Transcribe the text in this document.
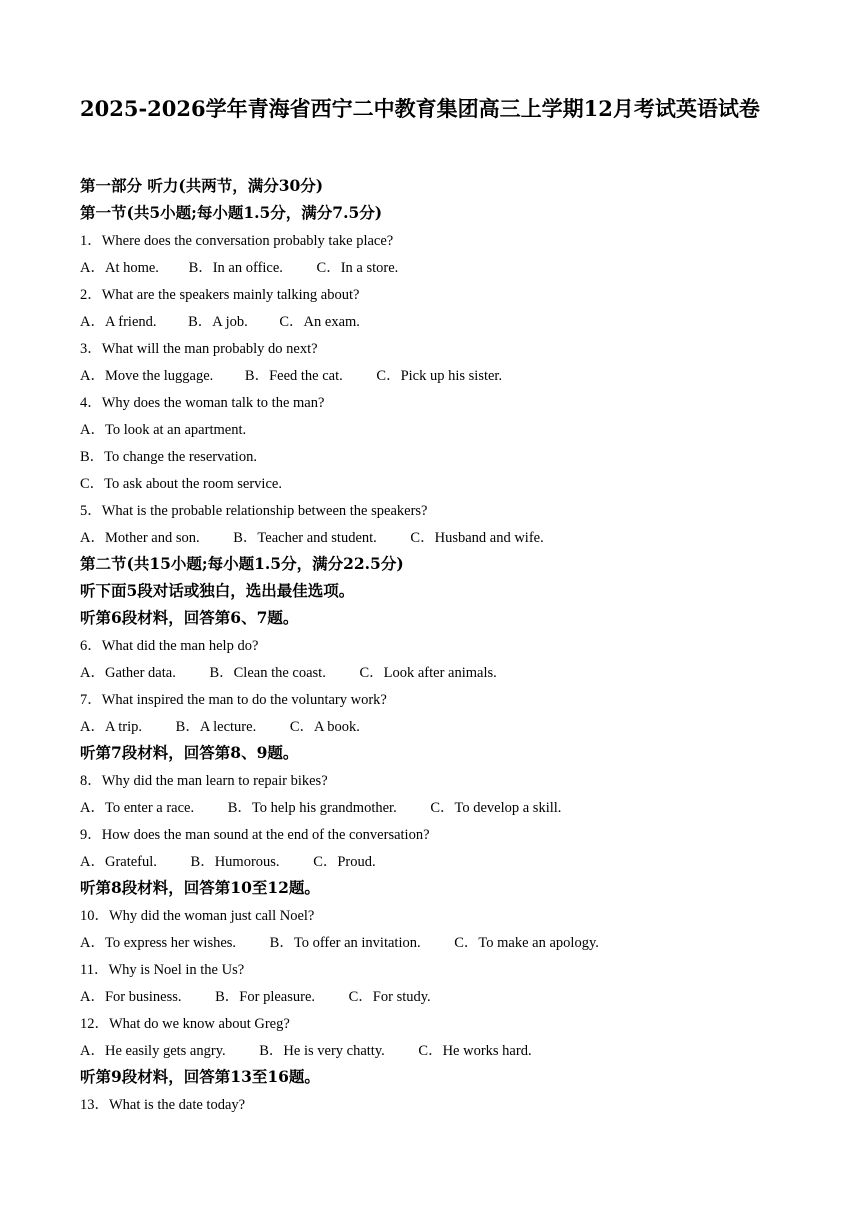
2025-2026学年青海省西宁二中教育集团高三上学期12月考试英语试卷
第一部分 听力(共两节，满分30分)
第一节(共5小题;每小题1.5分，满分7.5分)
1．Where does the conversation probably take place?
A．At home. B．In an office. C．In a store.
2．What are the speakers mainly talking about?
A．A friend. B．A job. C．An exam.
3．What will the man probably do next?
A．Move the luggage. B．Feed the cat. C．Pick up his sister.
4．Why does the woman talk to the man?
A．To look at an apartment.
B．To change the reservation.
C．To ask about the room service.
5．What is the probable relationship between the speakers?
A．Mother and son. B．Teacher and student. C．Husband and wife.
第二节(共15小题;每小题1.5分，满分22.5分)
听下面5段对话或独白，选出最佳选项。
听第6段材料，回答第6、7题。
6．What did the man help do?
A．Gather data. B．Clean the coast. C．Look after animals.
7．What inspired the man to do the voluntary work?
A．A trip. B．A lecture. C．A book.
听第7段材料，回答第8、9题。
8．Why did the man learn to repair bikes?
A．To enter a race. B．To help his grandmother. C．To develop a skill.
9．How does the man sound at the end of the conversation?
A．Grateful. B．Humorous. C．Proud.
听第8段材料，回答第10至12题。
10．Why did the woman just call Noel?
A．To express her wishes. B．To offer an invitation. C．To make an apology.
11．Why is Noel in the Us?
A．For business. B．For pleasure. C．For study.
12．What do we know about Greg?
A．He easily gets angry. B．He is very chatty. C．He works hard.
听第9段材料，回答第13至16题。
13．What is the date today?
